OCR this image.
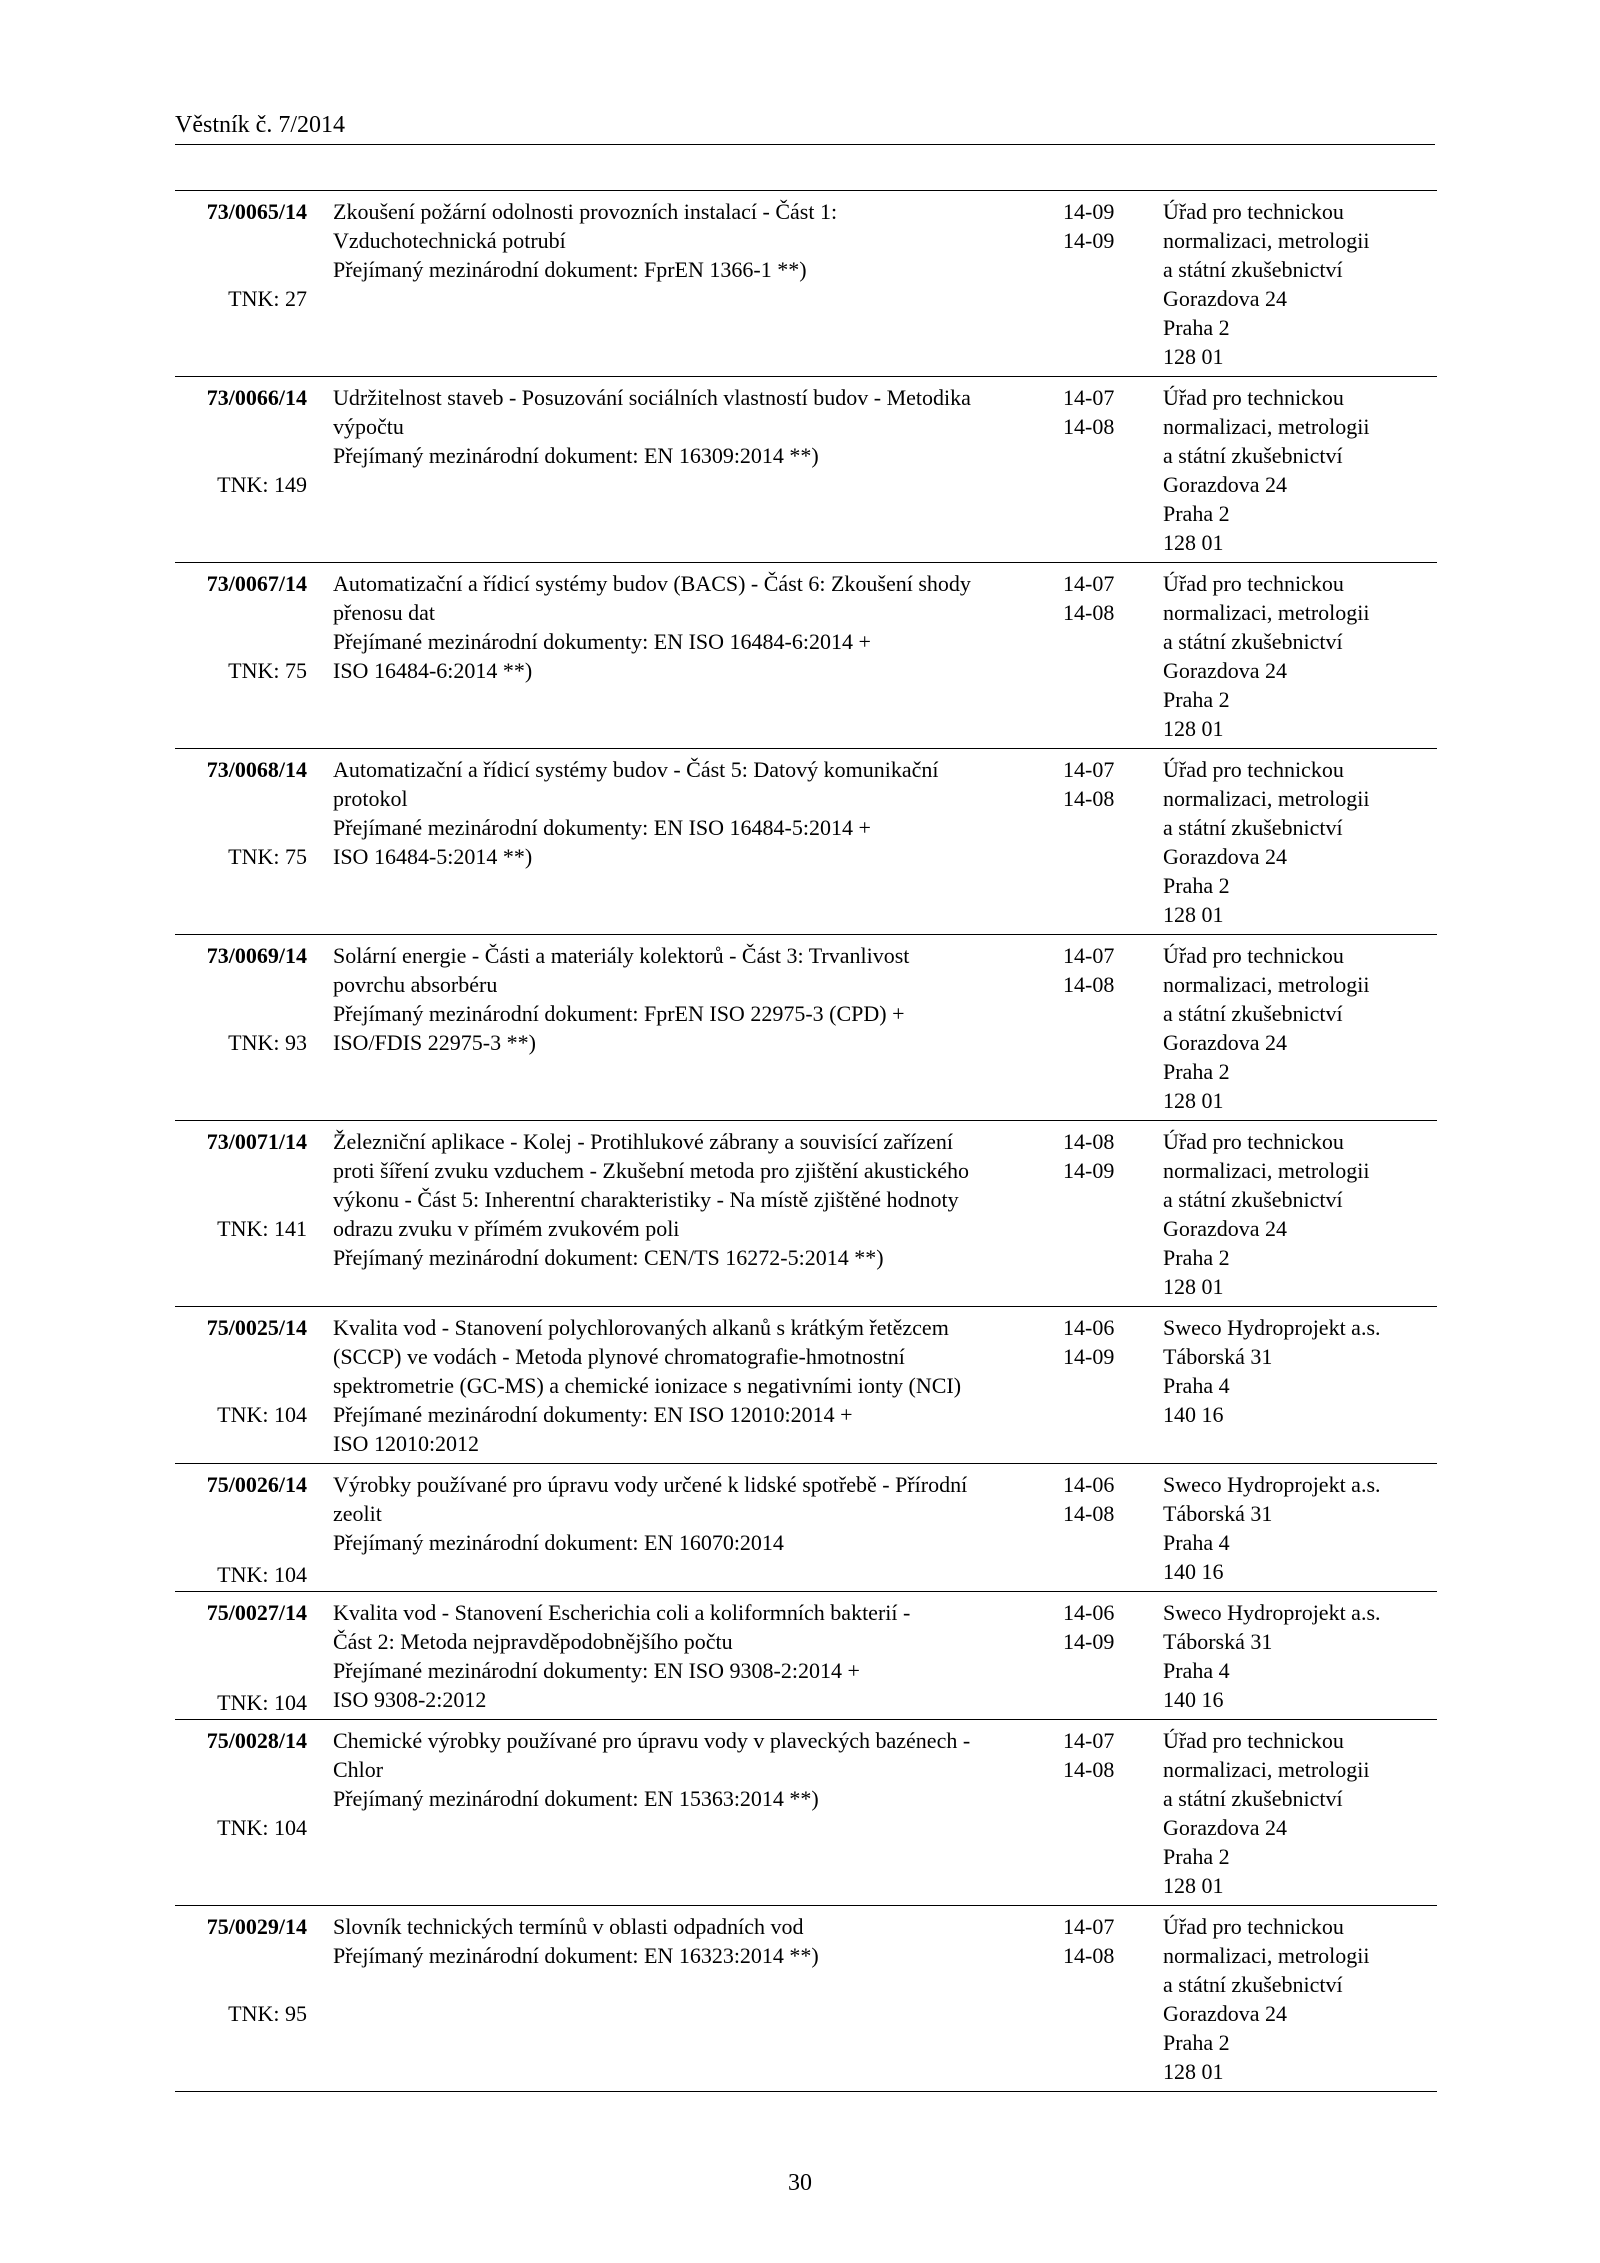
Věstník č. 7/2014
73/0065/14
TNK: 27
Zkoušení požární odolnosti provozních instalací - Část 1:
Vzduchotechnická potrubí
Přejímaný mezinárodní dokument: FprEN 1366-1 **)
14-09
14-09
Úřad pro technickou
normalizaci, metrologii
a státní zkušebnictví
Gorazdova 24
Praha 2
128 01
73/0066/14
TNK: 149
Udržitelnost staveb - Posuzování sociálních vlastností budov - Metodika
výpočtu
Přejímaný mezinárodní dokument: EN 16309:2014 **)
14-07
14-08
Úřad pro technickou
normalizaci, metrologii
a státní zkušebnictví
Gorazdova 24
Praha 2
128 01
73/0067/14
TNK: 75
Automatizační a řídicí systémy budov (BACS) - Část 6: Zkoušení shody
přenosu dat
Přejímané mezinárodní dokumenty: EN ISO 16484-6:2014 +
ISO 16484-6:2014 **)
14-07
14-08
Úřad pro technickou
normalizaci, metrologii
a státní zkušebnictví
Gorazdova 24
Praha 2
128 01
73/0068/14
TNK: 75
Automatizační a řídicí systémy budov - Část 5: Datový komunikační
protokol
Přejímané mezinárodní dokumenty: EN ISO 16484-5:2014 +
ISO 16484-5:2014 **)
14-07
14-08
Úřad pro technickou
normalizaci, metrologii
a státní zkušebnictví
Gorazdova 24
Praha 2
128 01
73/0069/14
TNK: 93
Solární energie - Části a materiály kolektorů - Část 3: Trvanlivost
povrchu absorbéru
Přejímaný mezinárodní dokument: FprEN ISO 22975-3 (CPD) +
ISO/FDIS 22975-3 **)
14-07
14-08
Úřad pro technickou
normalizaci, metrologii
a státní zkušebnictví
Gorazdova 24
Praha 2
128 01
73/0071/14
TNK: 141
Železniční aplikace - Kolej - Protihlukové zábrany a souvisící zařízení
proti šíření zvuku vzduchem - Zkušební metoda pro zjištění akustického
výkonu - Část 5: Inherentní charakteristiky - Na místě zjištěné hodnoty
odrazu zvuku v přímém zvukovém poli
Přejímaný mezinárodní dokument: CEN/TS 16272-5:2014 **)
14-08
14-09
Úřad pro technickou
normalizaci, metrologii
a státní zkušebnictví
Gorazdova 24
Praha 2
128 01
75/0025/14
TNK: 104
Kvalita vod - Stanovení polychlorovaných alkanů s krátkým řetězcem
(SCCP) ve vodách - Metoda plynové chromatografie-hmotnostní
spektrometrie (GC-MS) a chemické ionizace s negativními ionty (NCI)
Přejímané mezinárodní dokumenty: EN ISO 12010:2014 +
ISO 12010:2012
14-06
14-09
Sweco Hydroprojekt a.s.
Táborská 31
Praha 4
140 16
75/0026/14
TNK: 104
Výrobky používané pro úpravu vody určené k lidské spotřebě - Přírodní
zeolit
Přejímaný mezinárodní dokument: EN 16070:2014
14-06
14-08
Sweco Hydroprojekt a.s.
Táborská 31
Praha 4
140 16
75/0027/14
TNK: 104
Kvalita vod - Stanovení Escherichia coli a koliformních bakterií -
Část 2: Metoda nejpravděpodobnějšího počtu
Přejímané mezinárodní dokumenty: EN ISO 9308-2:2014 +
ISO 9308-2:2012
14-06
14-09
Sweco Hydroprojekt a.s.
Táborská 31
Praha 4
140 16
75/0028/14
TNK: 104
Chemické výrobky používané pro úpravu vody v plaveckých bazénech -
Chlor
Přejímaný mezinárodní dokument: EN 15363:2014 **)
14-07
14-08
Úřad pro technickou
normalizaci, metrologii
a státní zkušebnictví
Gorazdova 24
Praha 2
128 01
75/0029/14
TNK: 95
Slovník technických termínů v oblasti odpadních vod
Přejímaný mezinárodní dokument: EN 16323:2014 **)
14-07
14-08
Úřad pro technickou
normalizaci, metrologii
a státní zkušebnictví
Gorazdova 24
Praha 2
128 01
30
